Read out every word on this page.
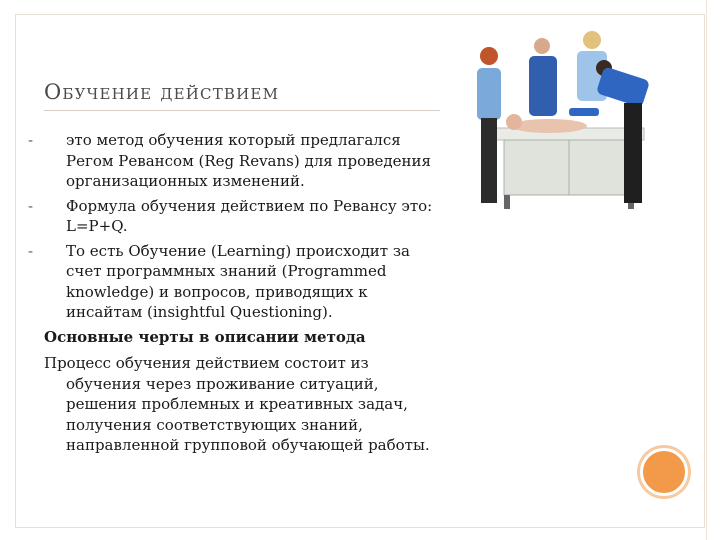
Обучение действием
- это метод обучения который предлагался Регом Ревансом (Reg Revans) для проведения организационных изменений.
- Формула обучения действием по Ревансу это: L=P+Q.
- То есть Обучение (Learning) происходит за счет программных знаний (Programmed knowledge) и вопросов, приводящих к инсайтам (insightful Questioning).
Основные черты в описании метода
Процесс обучения действием состоит из обучения через проживание ситуаций, решения проблемных и креативных задач, получения соответствующих знаний, направленной групповой обучающей работы.
